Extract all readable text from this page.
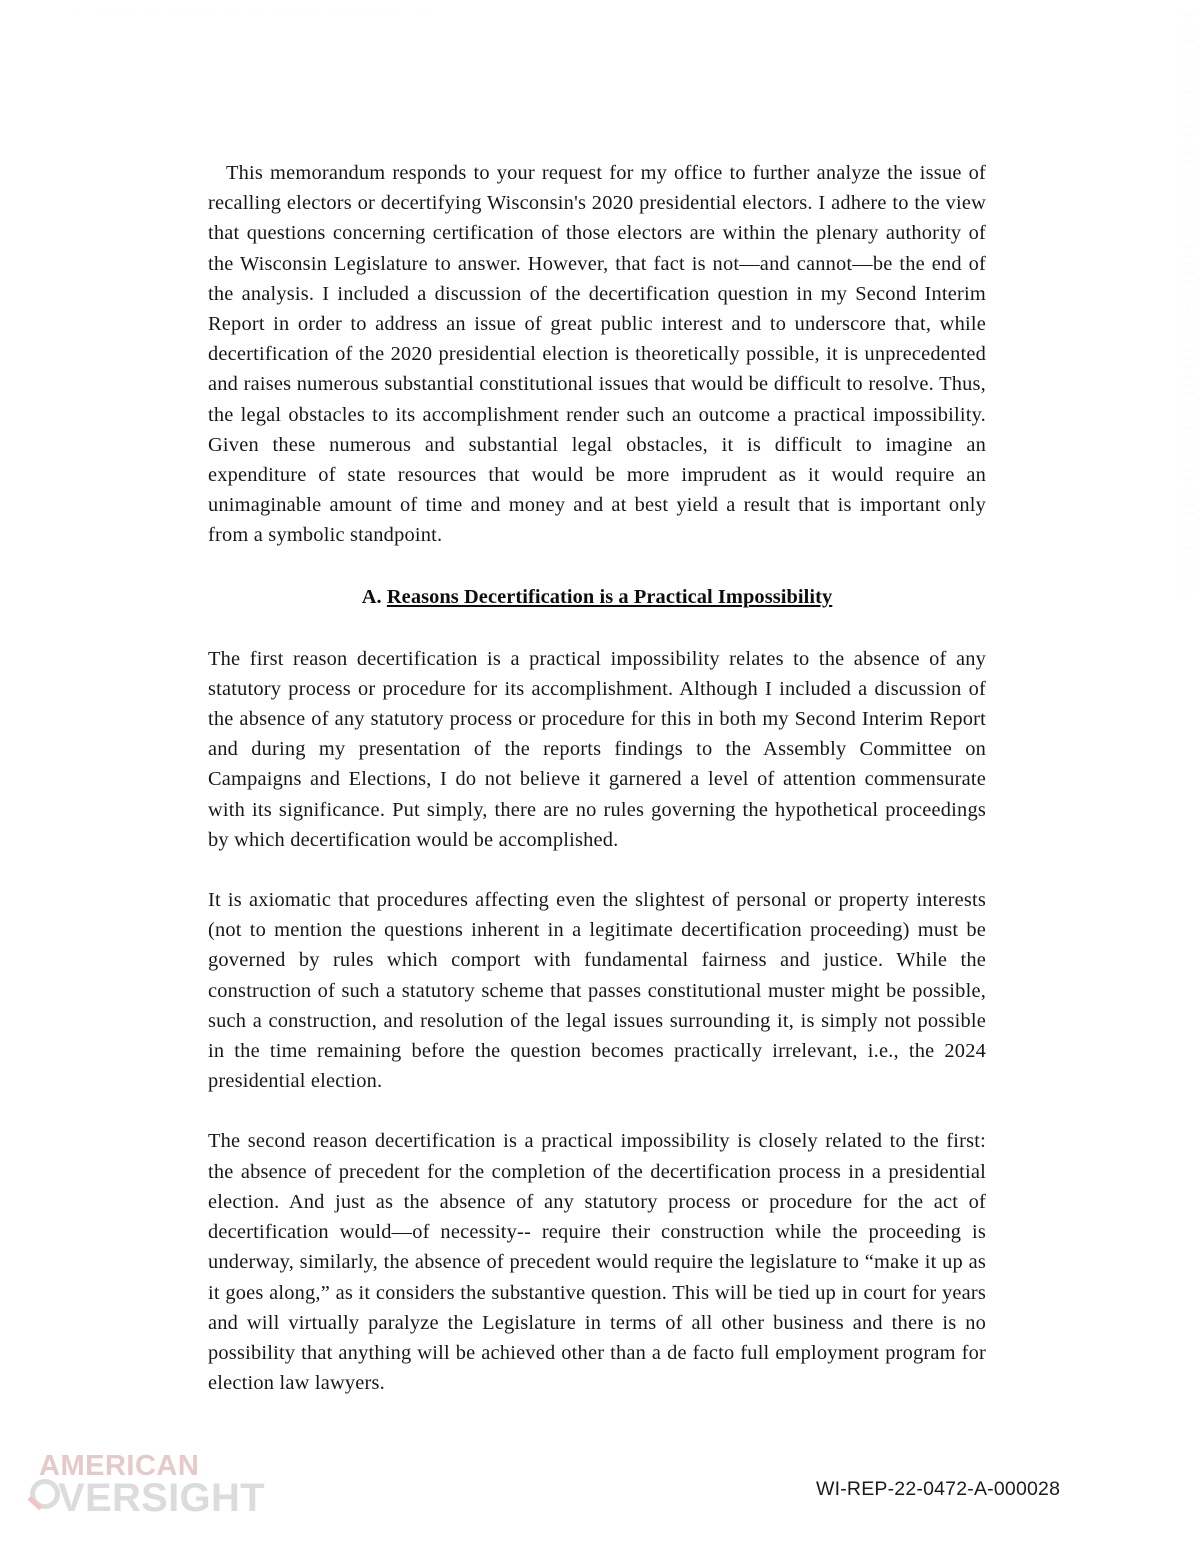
· · ········ ···· ·········· ···· · ·· ······ ··· ········ ······ · ····
·· ··· ·· ···· ·· ··· ···· ·· ··· ·· ···· ·· ··· ··· ·· ···· ·· ··· ·· ···· ·· ··· ··· ·· ···· ·· ··· ·· ···· ·· ··· ··· ·· ···· ·· ··· ·· ···· ·· ··· ··· ·· ···· ·· ··· ·· ···· ·· ··· ··· ·· ···· ·· ··· ·· ···· ·· ··· ··· ·· ···· ·· ··· ·· ···· ·· ··· ··· ·· ···· ·· ··· ·· ···· ·· ··· ··· ·· ···· ·· ··· ·· ···· ·· ··· ··· ·· ···· ·· ··· ·· ···· ·· ··· ··· ·· ···· ·· ··· ·· ···· ·· ··· ··· ·· ···· ·· ··· ·· ···· ·· ···

This memorandum responds to your request for my office to further analyze the issue of recalling electors or decertifying Wisconsin's 2020 presidential electors. I adhere to the view that questions concerning certification of those electors are within the plenary authority of the Wisconsin Legislature to answer. However, that fact is not—and cannot—be the end of the analysis. I included a discussion of the decertification question in my Second Interim Report in order to address an issue of great public interest and to underscore that, while decertification of the 2020 presidential election is theoretically possible, it is unprecedented and raises numerous substantial constitutional issues that would be difficult to resolve. Thus, the legal obstacles to its accomplishment render such an outcome a practical impossibility. Given these numerous and substantial legal obstacles, it is difficult to imagine an expenditure of state resources that would be more imprudent as it would require an unimaginable amount of time and money and at best yield a result that is important only from a symbolic standpoint.

A. Reasons Decertification is a Practical Impossibility

The first reason decertification is a practical impossibility relates to the absence of any statutory process or procedure for its accomplishment. Although I included a discussion of the absence of any statutory process or procedure for this in both my Second Interim Report and during my presentation of the reports findings to the Assembly Committee on Campaigns and Elections, I do not believe it garnered a level of attention commensurate with its significance. Put simply, there are no rules governing the hypothetical proceedings by which decertification would be accomplished.

It is axiomatic that procedures affecting even the slightest of personal or property interests (not to mention the questions inherent in a legitimate decertification proceeding) must be governed by rules which comport with fundamental fairness and justice. While the construction of such a statutory scheme that passes constitutional muster might be possible, such a construction, and resolution of the legal issues surrounding it, is simply not possible in the time remaining before the question becomes practically irrelevant, i.e., the 2024 presidential election.

The second reason decertification is a practical impossibility is closely related to the first: the absence of precedent for the completion of the decertification process in a presidential election. And just as the absence of any statutory process or procedure for the act of decertification would—of necessity-- require their construction while the proceeding is underway, similarly, the absence of precedent would require the legislature to “make it up as it goes along,” as it considers the substantive question. This will be tied up in court for years and will virtually paralyze the Legislature in terms of all other business and there is no possibility that anything will be achieved other than a de facto full employment program for election law lawyers.

WI-REP-22-0472-A-000028
AMERICAN
VERSIGHT
